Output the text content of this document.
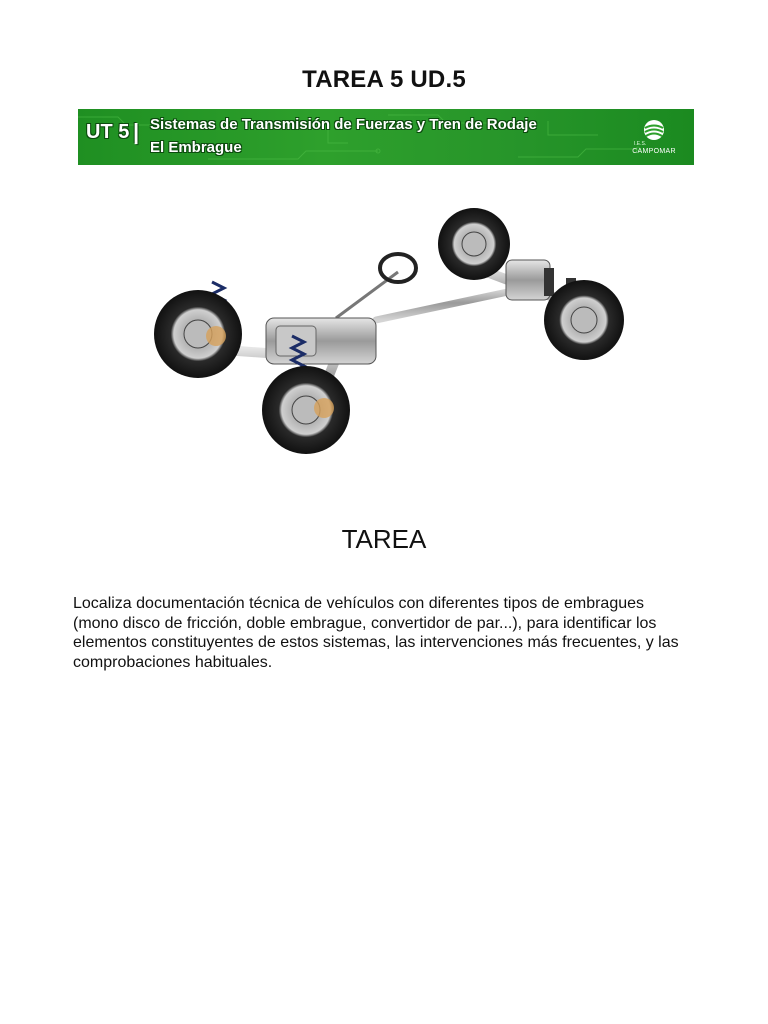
TAREA 5 UD.5
UT 5 | Sistemas de Transmisión de Fuerzas y Tren de Rodaje
El Embrague	I.E.S.
CAMPOMAR
TAREA
Localiza documentación técnica de vehículos con diferentes tipos de embragues (mono disco de fricción, doble embrague, convertidor de par...), para identificar los elementos constituyentes de estos sistemas, las intervenciones más frecuentes, y las comprobaciones habituales.
